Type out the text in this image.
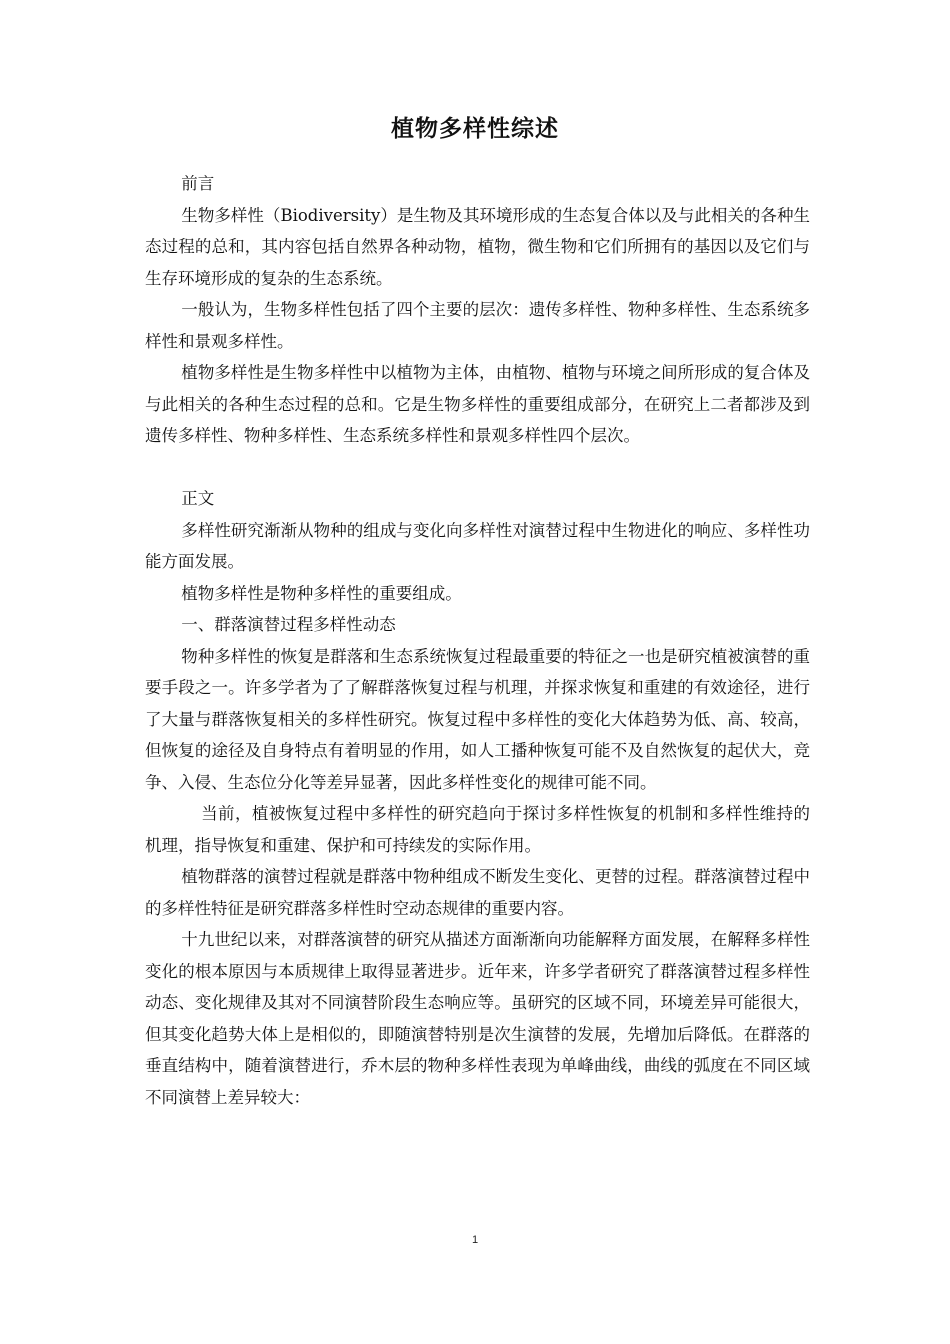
植物多样性综述

前言

生物多样性（Biodiversity）是生物及其环境形成的生态复合体以及与此相关的各种生态过程的总和，其内容包括自然界各种动物，植物，微生物和它们所拥有的基因以及它们与生存环境形成的复杂的生态系统。

一般认为，生物多样性包括了四个主要的层次：遗传多样性、物种多样性、生态系统多样性和景观多样性。

植物多样性是生物多样性中以植物为主体，由植物、植物与环境之间所形成的复合体及与此相关的各种生态过程的总和。它是生物多样性的重要组成部分，在研究上二者都涉及到遗传多样性、物种多样性、生态系统多样性和景观多样性四个层次。

正文

多样性研究渐渐从物种的组成与变化向多样性对演替过程中生物进化的响应、多样性功能方面发展。

植物多样性是物种多样性的重要组成。

一、群落演替过程多样性动态

物种多样性的恢复是群落和生态系统恢复过程最重要的特征之一也是研究植被演替的重要手段之一。许多学者为了了解群落恢复过程与机理，并探求恢复和重建的有效途径，进行了大量与群落恢复相关的多样性研究。恢复过程中多样性的变化大体趋势为低、高、较高，但恢复的途径及自身特点有着明显的作用，如人工播种恢复可能不及自然恢复的起伏大，竞争、入侵、生态位分化等差异显著，因此多样性变化的规律可能不同。

当前，植被恢复过程中多样性的研究趋向于探讨多样性恢复的机制和多样性维持的机理，指导恢复和重建、保护和可持续发的实际作用。

植物群落的演替过程就是群落中物种组成不断发生变化、更替的过程。群落演替过程中的多样性特征是研究群落多样性时空动态规律的重要内容。

十九世纪以来，对群落演替的研究从描述方面渐渐向功能解释方面发展，在解释多样性变化的根本原因与本质规律上取得显著进步。近年来，许多学者研究了群落演替过程多样性动态、变化规律及其对不同演替阶段生态响应等。虽研究的区域不同，环境差异可能很大，但其变化趋势大体上是相似的，即随演替特别是次生演替的发展，先增加后降低。在群落的垂直结构中，随着演替进行，乔木层的物种多样性表现为单峰曲线，曲线的弧度在不同区域不同演替上差异较大：

1
